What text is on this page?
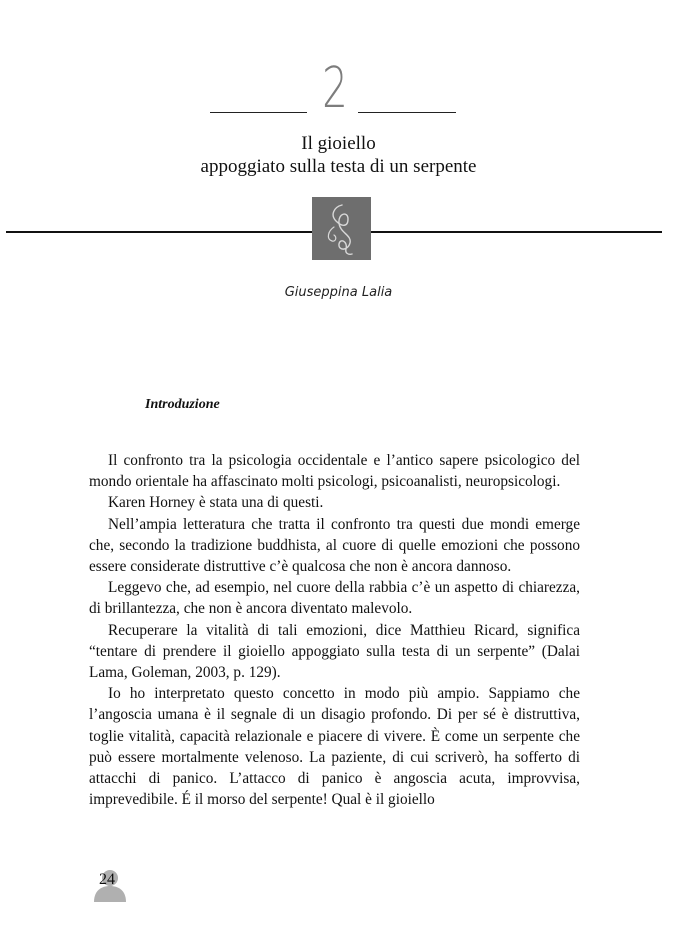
2
Il gioiello
appoggiato sulla testa di un serpente
Giuseppina Lalia
Introduzione

Il confronto tra la psicologia occidentale e l’antico sapere psicologico del mondo orientale ha affascinato molti psicologi, psicoanalisti, neuropsicologi.

Karen Horney è stata una di questi.

Nell’ampia letteratura che tratta il confronto tra questi due mondi emerge che, secondo la tradizione buddhista, al cuore di quelle emozioni che possono essere considerate distruttive c’è qualcosa che non è ancora dannoso.

Leggevo che, ad esempio, nel cuore della rabbia c’è un aspetto di chiarezza, di brillantezza, che non è ancora diventato malevolo.

Recuperare la vitalità di tali emozioni, dice Matthieu Ricard, significa “tentare di prendere il gioiello appoggiato sulla testa di un serpente” (Dalai Lama, Goleman, 2003, p. 129).

Io ho interpretato questo concetto in modo più ampio. Sappiamo che l’angoscia umana è il segnale di un disagio profondo. Di per sé è distruttiva, toglie vitalità, capacità relazionale e piacere di vivere. È come un serpente che può essere mortalmente velenoso. La paziente, di cui scriverò, ha sofferto di attacchi di panico. L’attacco di panico è angoscia acuta, improvvisa, imprevedibile. É il morso del serpente! Qual è il gioiello

24
